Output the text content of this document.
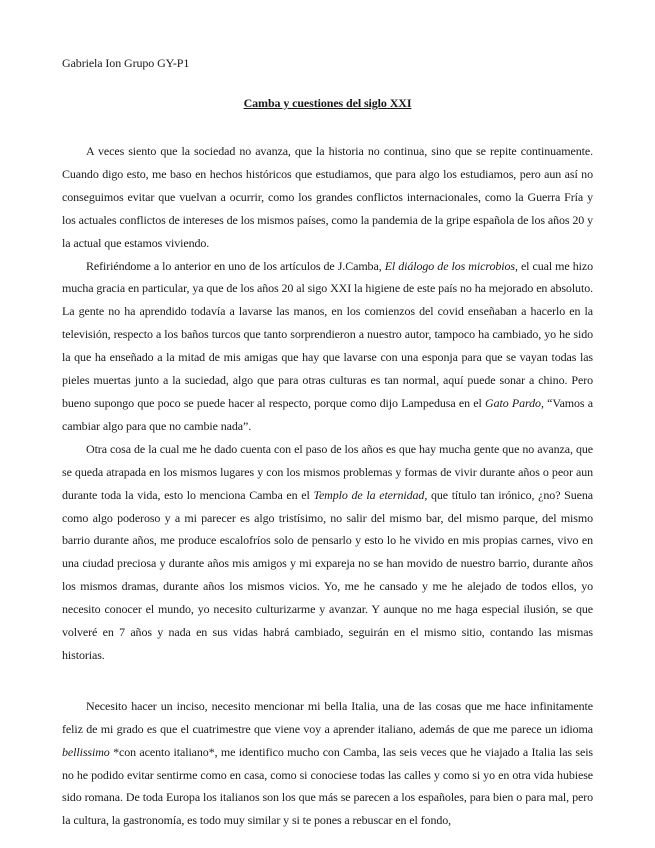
Gabriela Ion Grupo GY-P1

Camba y cuestiones del siglo XXI

A veces siento que la sociedad no avanza, que la historia no continua, sino que se repite continuamente. Cuando digo esto, me baso en hechos históricos que estudiamos, que para algo los estudiamos, pero aun así no conseguimos evitar que vuelvan a ocurrir, como los grandes conflictos internacionales, como la Guerra Fría y los actuales conflictos de intereses de los mismos países, como la pandemia de la gripe española de los años 20 y la actual que estamos viviendo.

Refiriéndome a lo anterior en uno de los artículos de J.Camba, El diálogo de los microbios, el cual me hizo mucha gracia en particular, ya que de los años 20 al sigo XXI la higiene de este país no ha mejorado en absoluto. La gente no ha aprendido todavía a lavarse las manos, en los comienzos del covid enseñaban a hacerlo en la televisión, respecto a los baños turcos que tanto sorprendieron a nuestro autor, tampoco ha cambiado, yo he sido la que ha enseñado a la mitad de mis amigas que hay que lavarse con una esponja para que se vayan todas las pieles muertas junto a la suciedad, algo que para otras culturas es tan normal, aquí puede sonar a chino. Pero bueno supongo que poco se puede hacer al respecto, porque como dijo Lampedusa en el Gato Pardo, “Vamos a cambiar algo para que no cambie nada”.

Otra cosa de la cual me he dado cuenta con el paso de los años es que hay mucha gente que no avanza, que se queda atrapada en los mismos lugares y con los mismos problemas y formas de vivir durante años o peor aun durante toda la vida, esto lo menciona Camba en el Templo de la eternidad, que título tan irónico, ¿no? Suena como algo poderoso y a mi parecer es algo tristísimo, no salir del mismo bar, del mismo parque, del mismo barrio durante años, me produce escalofríos solo de pensarlo y esto lo he vivido en mis propias carnes, vivo en una ciudad preciosa y durante años mis amigos y mi expareja no se han movido de nuestro barrio, durante años los mismos dramas, durante años los mismos vicios. Yo, me he cansado y me he alejado de todos ellos, yo necesito conocer el mundo, yo necesito culturizarme y avanzar. Y aunque no me haga especial ilusión, se que volveré en 7 años y nada en sus vidas habrá cambiado, seguirán en el mismo sitio, contando las mismas historias.

Necesito hacer un inciso, necesito mencionar mi bella Italia, una de las cosas que me hace infinitamente feliz de mi grado es que el cuatrimestre que viene voy a aprender italiano, además de que me parece un idioma bellissimo *con acento italiano*, me identifico mucho con Camba, las seis veces que he viajado a Italia las seis no he podido evitar sentirme como en casa, como si conociese todas las calles y como si yo en otra vida hubiese sido romana. De toda Europa los italianos son los que más se parecen a los españoles, para bien o para mal, pero la cultura, la gastronomía, es todo muy similar y si te pones a rebuscar en el fondo,
